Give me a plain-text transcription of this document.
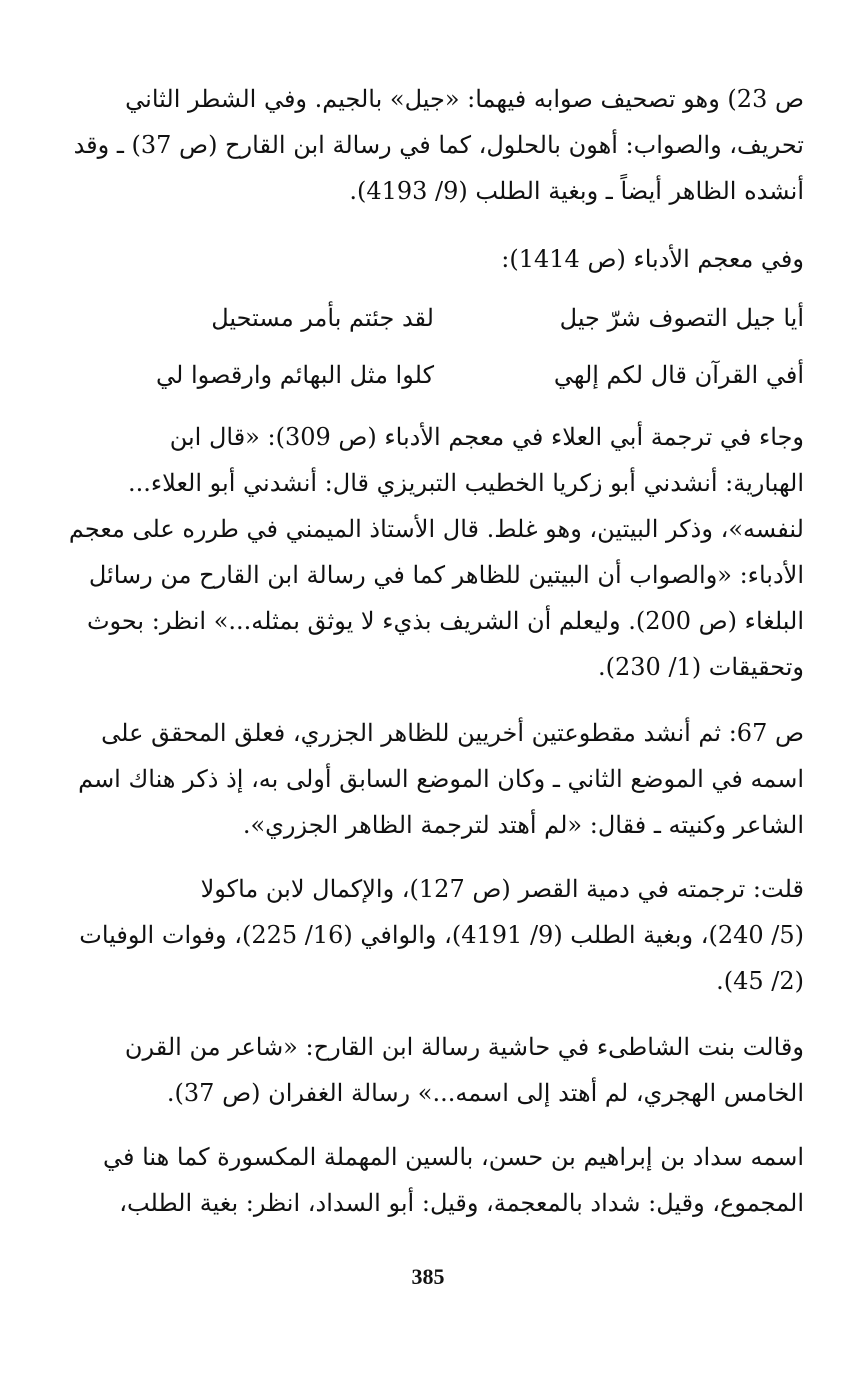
ص 23) وهو تصحيف صوابه فيهما: «جيل» بالجيم. وفي الشطر الثاني
تحريف، والصواب: أهون بالحلول، كما في رسالة ابن القارح (ص 37) ـ وقد
أنشده الظاهر أيضاً ـ وبغية الطلب (9/ 4193).
وفي معجم الأدباء (ص 1414):
أيا جيل التصوف شرّ جيل
لقد جئتم بأمر مستحيل
أفي القرآن قال لكم إلهي
كلوا مثل البهائم وارقصوا لي
وجاء في ترجمة أبي العلاء في معجم الأدباء (ص 309): «قال ابن
الهبارية: أنشدني أبو زكريا الخطيب التبريزي قال: أنشدني أبو العلاء...
لنفسه»، وذكر البيتين، وهو غلط. قال الأستاذ الميمني في طرره على معجم
الأدباء: «والصواب أن البيتين للظاهر كما في رسالة ابن القارح من رسائل
البلغاء (ص 200). وليعلم أن الشريف بذيء لا يوثق بمثله...» انظر: بحوث
وتحقيقات (1/ 230).
ص 67: ثم أنشد مقطوعتين أخريين للظاهر الجزري، فعلق المحقق على
اسمه في الموضع الثاني ـ وكان الموضع السابق أولى به، إذ ذكر هناك اسم
الشاعر وكنيته ـ فقال: «لم أهتد لترجمة الظاهر الجزري».
قلت: ترجمته في دمية القصر (ص 127)، والإكمال لابن ماكولا
(5/ 240)، وبغية الطلب (9/ 4191)، والوافي (16/ 225)، وفوات الوفيات
(2/ 45).
وقالت بنت الشاطىء في حاشية رسالة ابن القارح: «شاعر من القرن
الخامس الهجري، لم أهتد إلى اسمه...» رسالة الغفران (ص 37).
اسمه سداد بن إبراهيم بن حسن، بالسين المهملة المكسورة كما هنا في
المجموع، وقيل: شداد بالمعجمة، وقيل: أبو السداد، انظر: بغية الطلب،
385
